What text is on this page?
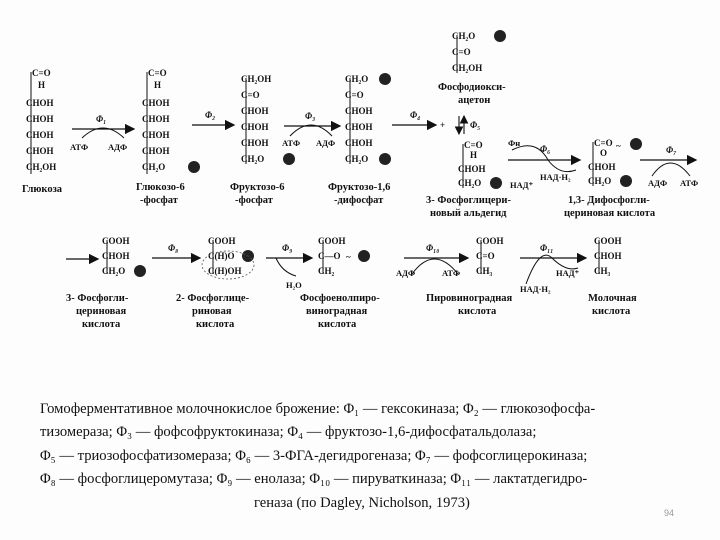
C=O
H
CHOH
CHOH
CHOH
CHOH
CH₂OH
Глюкоза
C=O
H
CHOH
CHOH
CHOH
CHOH
CH₂O
Глюкозо-6
-фосфат
CH₂OH
C=O
CHOH
CHOH
CHOH
CH₂O
Фруктозо-6
-фосфат
CH₂O
C=O
CHOH
CHOH
CHOH
CH₂O
Фруктозо-1,6
-дифосфат
CH₂O
C=O
CH₂OH
Фосфодиокси-
ацетон
C=O
H
CHOH
CH₂O
3- Фосфоглицери-
новый альдегид
C=O
O
~
CHOH
CH₂O
1,3- Дифосфогли-
цериновая кислота
Φ₁
АТФ АДФ
Φ₂	Φ₃
АТФ АДФ
Φ₄
+	Φ₅
Φ₆
Фн
НАД⁺
НАД·Н₂
Φ₇
АДФ АТФ
COOH
CHOH
CH₂O
3- Фосфогли-
цериновая
кислота
COOH
C(H)O
C(H)OH
2- Фосфоглице-
риновая
кислота
COOH
C—O ~
CH₂
Фосфоенолпиро-
виноградная
кислота
COOH
C=O
CH₃
Пировиноградная
кислота
COOH
CHOH
CH₃
Молочная
кислота
Φ₈	Φ₉
H₂O
Φ₁₀
АДФ	АТФ
Φ₁₁
НАД⁺
НАД·Н₂
Гомоферментативное молочнокислое брожение: Φ₁ — гексокиназа; Φ₂ — глюкозофосфа-
тизомераза; Φ₃ — фофсофруктокиназа; Φ₄ — фруктозо-1,6-дифосфатальдолаза;
Φ₅ — триозофосфатизомераза; Φ₆ — 3-ФГА-дегидрогеназа; Φ₇ — фофсоглицерокиназа;
Φ₈ — фосфоглицеромутаза; Φ₉ — енолаза; Φ₁₀ — пируваткиназа; Φ₁₁ — лактатдегидро-
геназа (по Dagley, Nicholson, 1973)
94
